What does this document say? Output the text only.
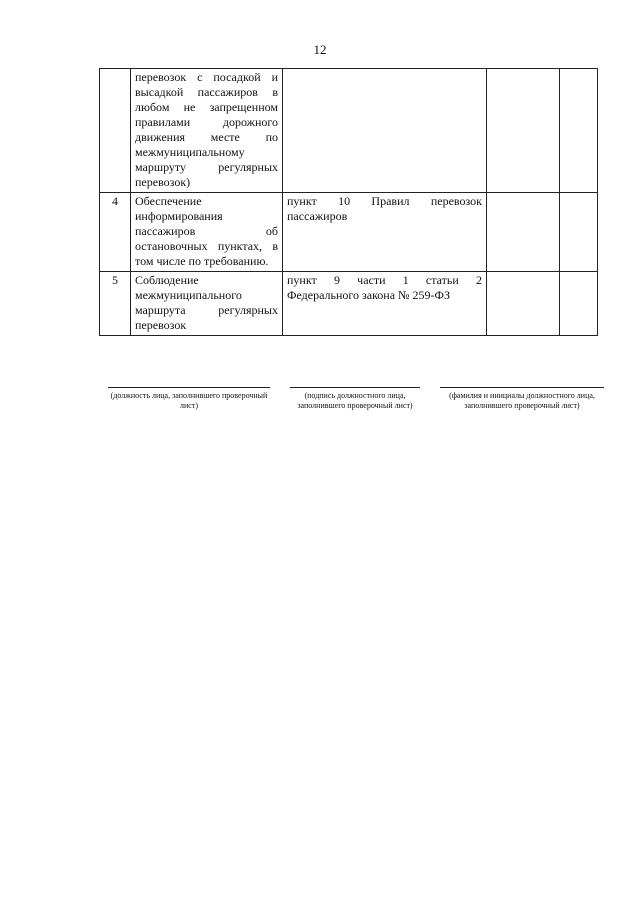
12
	перевозок с посадкой и высадкой пассажиров в любом не запрещенном правилами дорожного движения месте по межмуниципальному маршруту регулярных перевозок)			
4	Обеспечение информирования пассажиров об остановочных пунктах, в том числе по требованию.	пункт 10 Правил перевозок пассажиров		
5	Соблюдение межмуниципального маршрута регулярных перевозок	пункт 9 части 1 статьи 2 Федерального закона № 259-ФЗ		
(должность лица, заполнившего проверочный лист)
(подпись должностного лица, заполнившего проверочный лист)
(фамилия и инициалы должностного лица, заполнившего проверочный лист)
